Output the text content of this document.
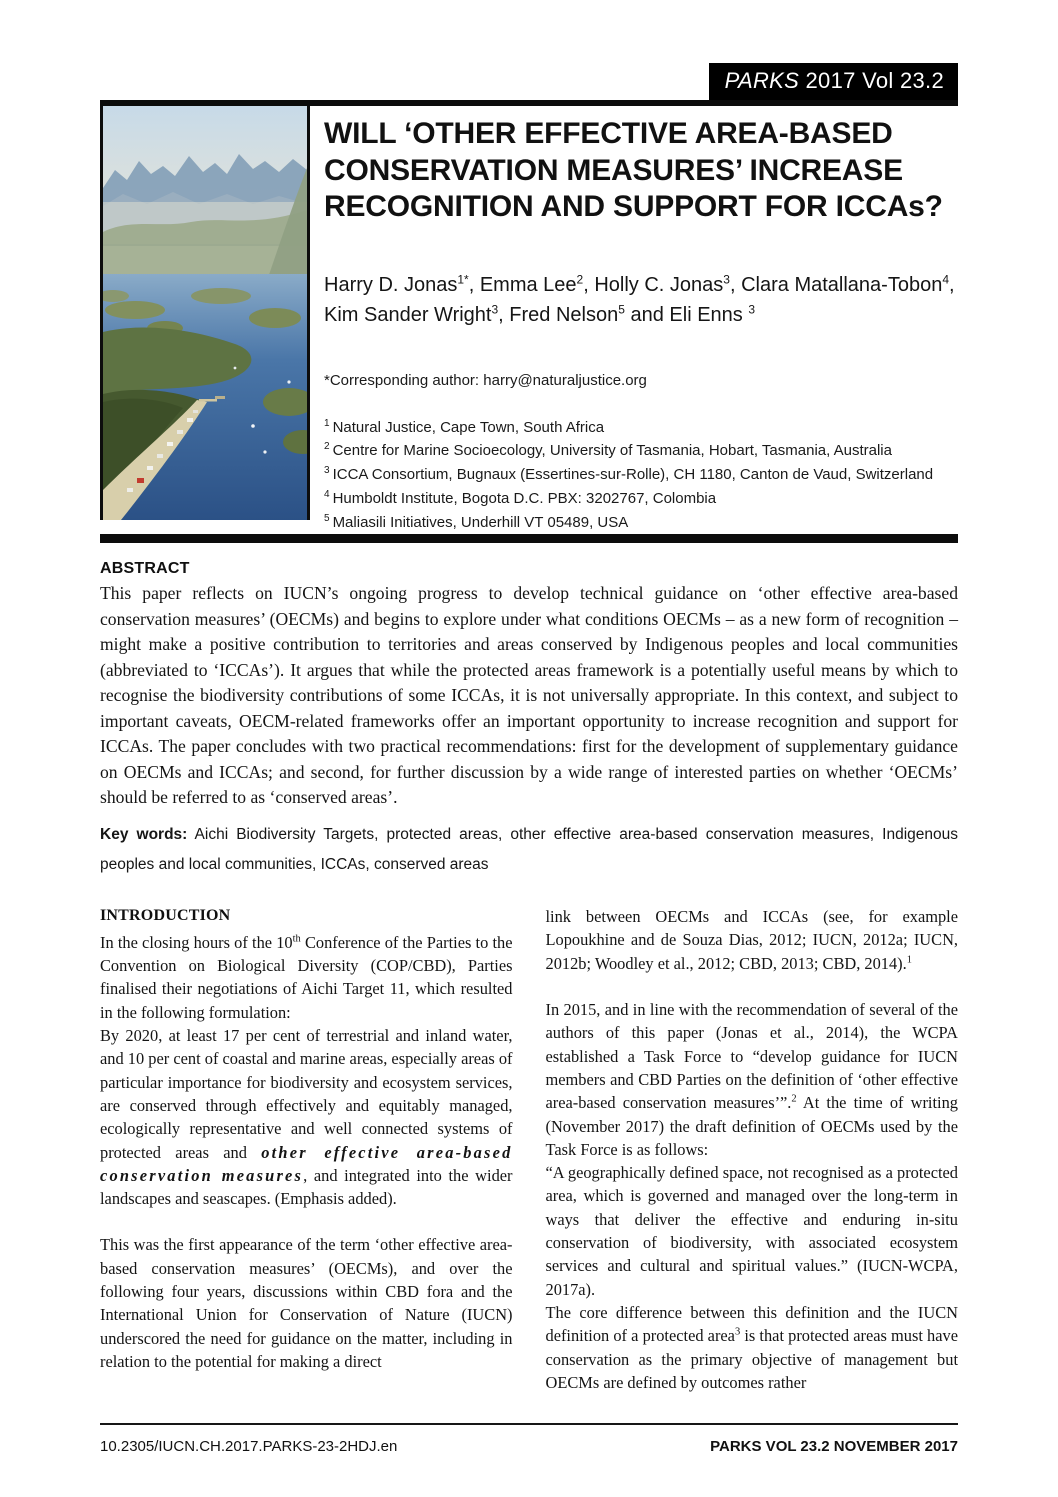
PARKS 2017 Vol 23.2
WILL ‘OTHER EFFECTIVE AREA-BASED CONSERVATION MEASURES’ INCREASE RECOGNITION AND SUPPORT FOR ICCAs?
Harry D. Jonas$^{1*}$, Emma Lee$^2$, Holly C. Jonas$^3$, Clara Matallana-Tobon$^4$, Kim Sander Wright$^3$, Fred Nelson$^5$ and Eli Enns $^3$
*Corresponding author: harry@naturaljustice.org
$^1$ Natural Justice, Cape Town, South Africa
$^2$ Centre for Marine Socioecology, University of Tasmania, Hobart, Tasmania, Australia
$^3$ ICCA Consortium, Bugnaux (Essertines-sur-Rolle), CH 1180, Canton de Vaud, Switzerland
$^4$ Humboldt Institute, Bogota D.C. PBX: 3202767, Colombia
$^5$ Maliasili Initiatives, Underhill VT 05489, USA
ABSTRACT
This paper reflects on IUCN’s ongoing progress to develop technical guidance on ‘other effective area-based conservation measures’ (OECMs) and begins to explore under what conditions OECMs – as a new form of recognition – might make a positive contribution to territories and areas conserved by Indigenous peoples and local communities (abbreviated to ‘ICCAs’). It argues that while the protected areas framework is a potentially useful means by which to recognise the biodiversity contributions of some ICCAs, it is not universally appropriate. In this context, and subject to important caveats, OECM-related frameworks offer an important opportunity to increase recognition and support for ICCAs. The paper concludes with two practical recommendations: first for the development of supplementary guidance on OECMs and ICCAs; and second, for further discussion by a wide range of interested parties on whether ‘OECMs’ should be referred to as ‘conserved areas’.
Key words: Aichi Biodiversity Targets, protected areas, other effective area-based conservation measures, Indigenous peoples and local communities, ICCAs, conserved areas
INTRODUCTION

In the closing hours of the 10th Conference of the Parties to the Convention on Biological Diversity (COP/CBD), Parties finalised their negotiations of Aichi Target 11, which resulted in the following formulation:

By 2020, at least 17 per cent of terrestrial and inland water, and 10 per cent of coastal and marine areas, especially areas of particular importance for biodiversity and ecosystem services, are conserved through effectively and equitably managed, ecologically representative and well connected systems of protected areas and other effective area-based conservation measures, and integrated into the wider landscapes and seascapes. (Emphasis added).

This was the first appearance of the term ‘other effective area-based conservation measures’ (OECMs), and over the following four years, discussions within CBD fora and the International Union for Conservation of Nature (IUCN) underscored the need for guidance on the matter, including in relation to the potential for making a direct

link between OECMs and ICCAs (see, for example Lopoukhine and de Souza Dias, 2012; IUCN, 2012a; IUCN, 2012b; Woodley et al., 2012; CBD, 2013; CBD, 2014).$^1$

In 2015, and in line with the recommendation of several of the authors of this paper (Jonas et al., 2014), the WCPA established a Task Force to “develop guidance for IUCN members and CBD Parties on the definition of ‘other effective area-based conservation measures’”.$^2$ At the time of writing (November 2017) the draft definition of OECMs used by the Task Force is as follows:

“A geographically defined space, not recognised as a protected area, which is governed and managed over the long-term in ways that deliver the effective and enduring in-situ conservation of biodiversity, with associated ecosystem services and cultural and spiritual values.” (IUCN-WCPA, 2017a).

The core difference between this definition and the IUCN definition of a protected area$^3$ is that protected areas must have conservation as the primary objective of management but OECMs are defined by outcomes rather

10.2305/IUCN.CH.2017.PARKS-23-2HDJ.en	PARKS VOL 23.2 NOVEMBER 2017
